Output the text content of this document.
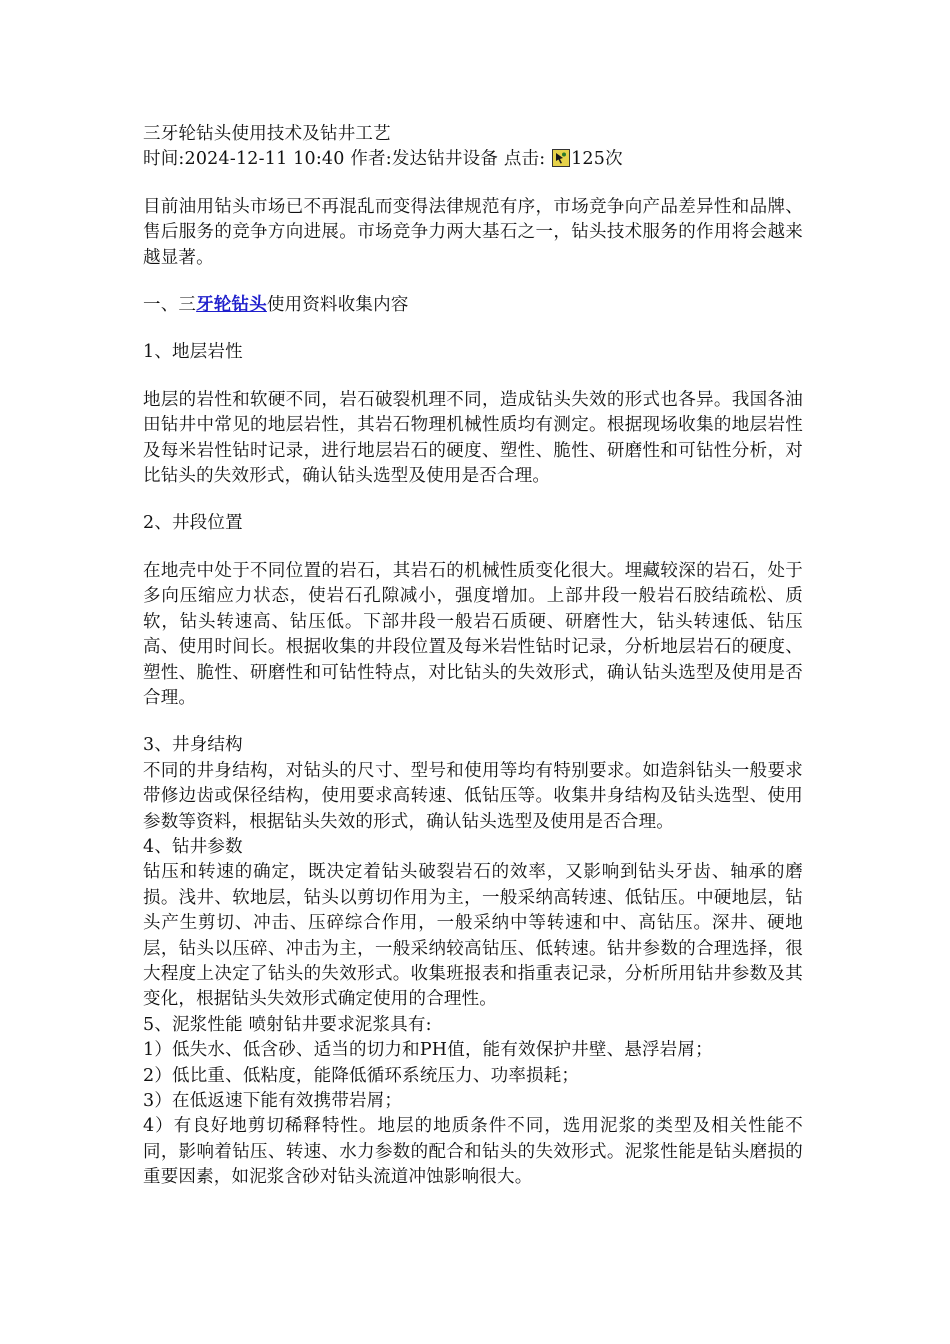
三牙轮钻头使用技术及钻井工艺

时间:2024-12-11 10:40 作者:发达钻井设备 点击: 125次

目前油用钻头市场已不再混乱而变得法律规范有序，市场竞争向产品差异性和品牌、售后服务的竞争方向进展。市场竞争力两大基石之一，钻头技术服务的作用将会越来越显著。

一、三牙轮钻头使用资料收集内容

1、地层岩性

地层的岩性和软硬不同，岩石破裂机理不同，造成钻头失效的形式也各异。我国各油田钻井中常见的地层岩性，其岩石物理机械性质均有测定。根据现场收集的地层岩性及每米岩性钻时记录，进行地层岩石的硬度、塑性、脆性、研磨性和可钻性分析，对比钻头的失效形式，确认钻头选型及使用是否合理。

2、井段位置

在地壳中处于不同位置的岩石，其岩石的机械性质变化很大。埋藏较深的岩石，处于多向压缩应力状态，使岩石孔隙减小，强度增加。上部井段一般岩石胶结疏松、质软，钻头转速高、钻压低。下部井段一般岩石质硬、研磨性大，钻头转速低、钻压高、使用时间长。根据收集的井段位置及每米岩性钻时记录，分析地层岩石的硬度、塑性、脆性、研磨性和可钻性特点，对比钻头的失效形式，确认钻头选型及使用是否合理。

3、井身结构

不同的井身结构，对钻头的尺寸、型号和使用等均有特别要求。如造斜钻头一般要求带修边齿或保径结构，使用要求高转速、低钻压等。收集井身结构及钻头选型、使用参数等资料，根据钻头失效的形式，确认钻头选型及使用是否合理。

4、钻井参数

钻压和转速的确定，既决定着钻头破裂岩石的效率，又影响到钻头牙齿、轴承的磨损。浅井、软地层，钻头以剪切作用为主，一般采纳高转速、低钻压。中硬地层，钻头产生剪切、冲击、压碎综合作用，一般采纳中等转速和中、高钻压。深井、硬地层，钻头以压碎、冲击为主，一般采纳较高钻压、低转速。钻井参数的合理选择，很大程度上决定了钻头的失效形式。收集班报表和指重表记录，分析所用钻井参数及其变化，根据钻头失效形式确定使用的合理性。

5、泥浆性能 喷射钻井要求泥浆具有:

1）低失水、低含砂、适当的切力和PH值，能有效保护井壁、悬浮岩屑；

2）低比重、低粘度，能降低循环系统压力、功率损耗；

3）在低返速下能有效携带岩屑；

4）有良好地剪切稀释特性。地层的地质条件不同，选用泥浆的类型及相关性能不同，影响着钻压、转速、水力参数的配合和钻头的失效形式。泥浆性能是钻头磨损的重要因素，如泥浆含砂对钻头流道冲蚀影响很大。
